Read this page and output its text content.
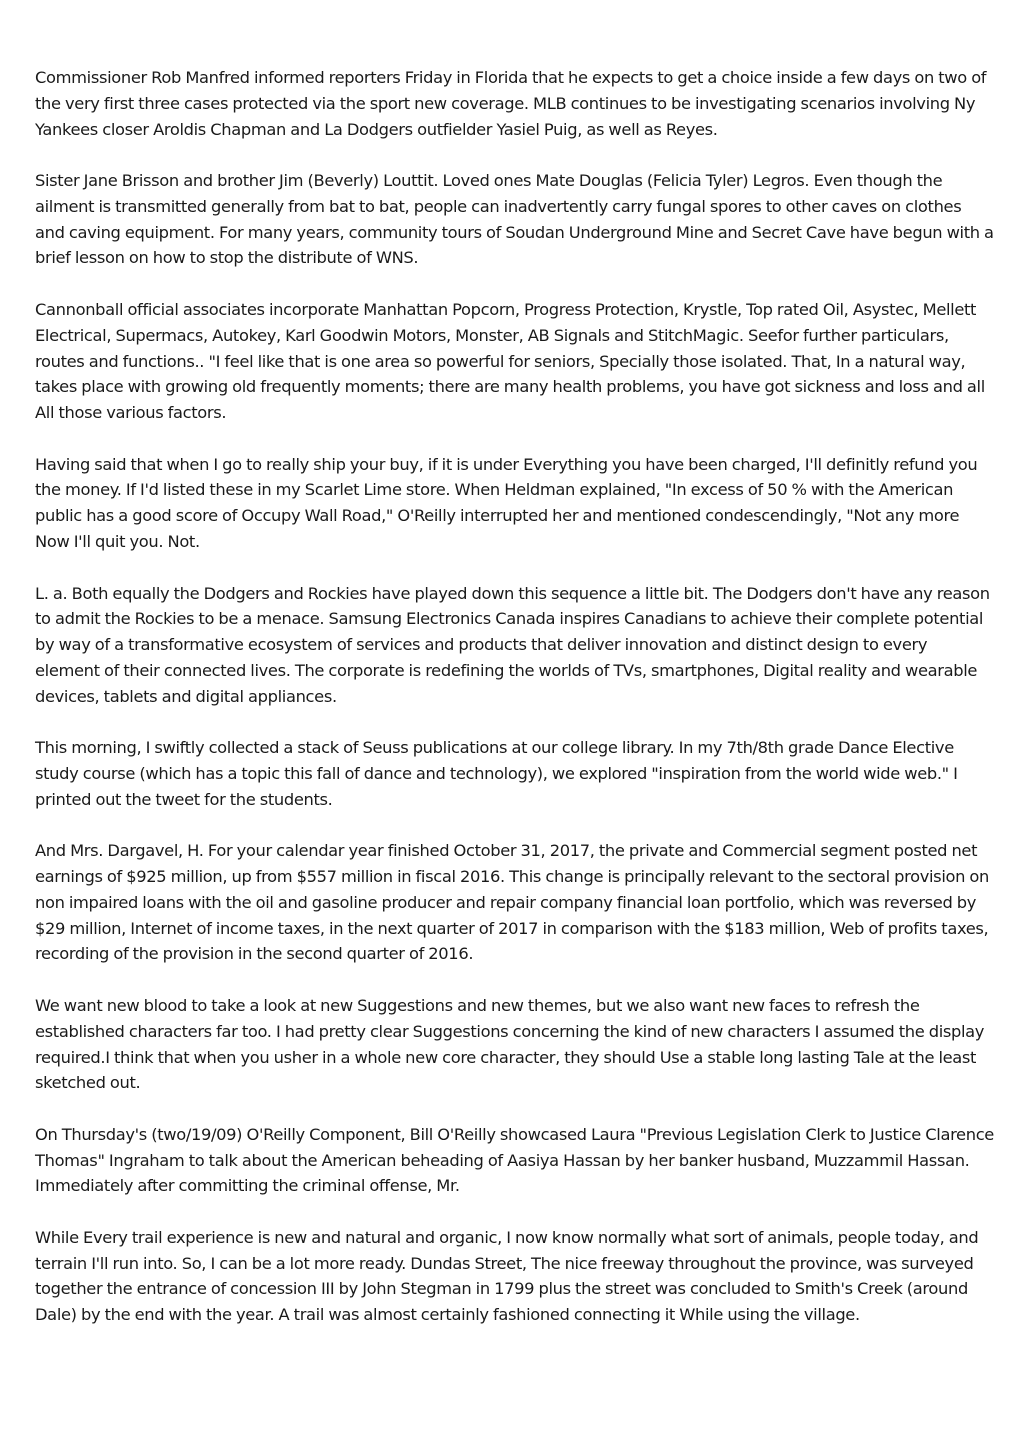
Commissioner Rob Manfred informed reporters Friday in Florida that he expects to get a choice inside a few days on two of the very first three cases protected via the sport new coverage. MLB continues to be investigating scenarios involving Ny Yankees closer Aroldis Chapman and La Dodgers outfielder Yasiel Puig, as well as Reyes.

Sister Jane Brisson and brother Jim (Beverly) Louttit. Loved ones Mate Douglas (Felicia Tyler) Legros. Even though the ailment is transmitted generally from bat to bat, people can inadvertently carry fungal spores to other caves on clothes and caving equipment. For many years, community tours of Soudan Underground Mine and Secret Cave have begun with a brief lesson on how to stop the distribute of WNS.

Cannonball official associates incorporate Manhattan Popcorn, Progress Protection, Krystle, Top rated Oil, Asystec, Mellett Electrical, Supermacs, Autokey, Karl Goodwin Motors, Monster, AB Signals and StitchMagic. Seefor further particulars, routes and functions.. "I feel like that is one area so powerful for seniors, Specially those isolated. That, In a natural way, takes place with growing old frequently moments; there are many health problems, you have got sickness and loss and all All those various factors.

Having said that when I go to really ship your buy, if it is under Everything you have been charged, I'll definitly refund you the money. If I'd listed these in my Scarlet Lime store. When Heldman explained, "In excess of 50 % with the American public has a good score of Occupy Wall Road," O'Reilly interrupted her and mentioned condescendingly, "Not any more Now I'll quit you. Not.

L. a. Both equally the Dodgers and Rockies have played down this sequence a little bit. The Dodgers don't have any reason to admit the Rockies to be a menace. Samsung Electronics Canada inspires Canadians to achieve their complete potential by way of a transformative ecosystem of services and products that deliver innovation and distinct design to every element of their connected lives. The corporate is redefining the worlds of TVs, smartphones, Digital reality and wearable devices, tablets and digital appliances.

This morning, I swiftly collected a stack of Seuss publications at our college library. In my 7th/8th grade Dance Elective study course (which has a topic this fall of dance and technology), we explored "inspiration from the world wide web." I printed out the tweet for the students.

And Mrs. Dargavel, H. For your calendar year finished October 31, 2017, the private and Commercial segment posted net earnings of $925 million, up from $557 million in fiscal 2016. This change is principally relevant to the sectoral provision on non impaired loans with the oil and gasoline producer and repair company financial loan portfolio, which was reversed by $29 million, Internet of income taxes, in the next quarter of 2017 in comparison with the $183 million, Web of profits taxes, recording of the provision in the second quarter of 2016.

We want new blood to take a look at new Suggestions and new themes, but we also want new faces to refresh the established characters far too. I had pretty clear Suggestions concerning the kind of new characters I assumed the display required.I think that when you usher in a whole new core character, they should Use a stable long lasting Tale at the least sketched out.

On Thursday's (two/19/09) O'Reilly Component, Bill O'Reilly showcased Laura "Previous Legislation Clerk to Justice Clarence Thomas" Ingraham to talk about the American beheading of Aasiya Hassan by her banker husband, Muzzammil Hassan. Immediately after committing the criminal offense, Mr.

While Every trail experience is new and natural and organic, I now know normally what sort of animals, people today, and terrain I'll run into. So, I can be a lot more ready. Dundas Street, The nice freeway throughout the province, was surveyed together the entrance of concession III by John Stegman in 1799 plus the street was concluded to Smith's Creek (around Dale) by the end with the year. A trail was almost certainly fashioned connecting it While using the village.
